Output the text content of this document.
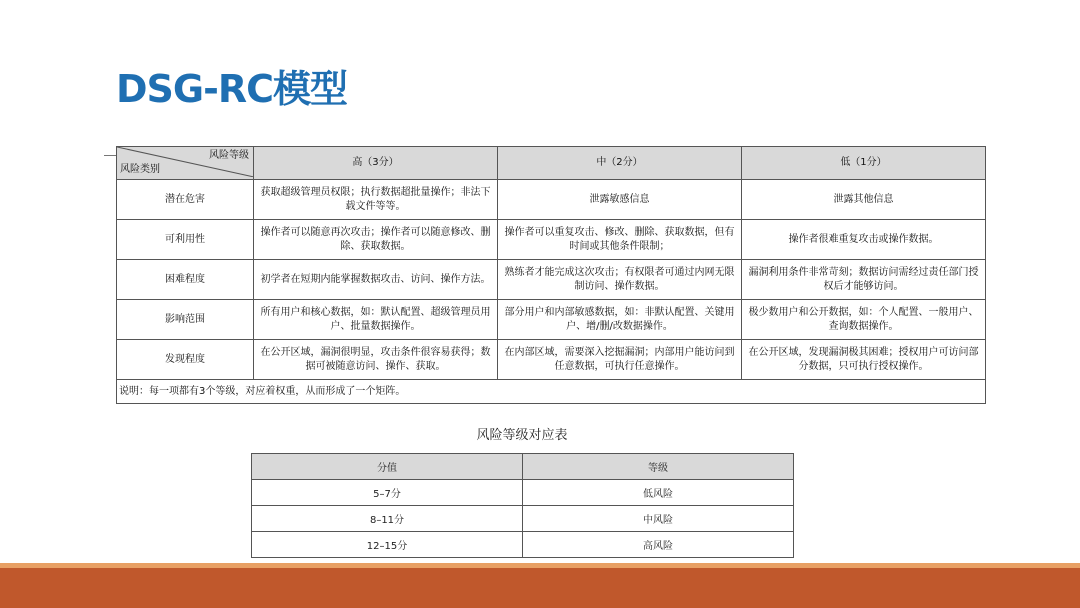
DSG-RC模型
风险等级
风险类别	高（3分）	中（2分）	低（1分）
潜在危害	获取超级管理员权限；执行数据超批量操作；非法下载文件等等。	泄露敏感信息	泄露其他信息
可利用性	操作者可以随意再次攻击；操作者可以随意修改、删除、获取数据。	操作者可以重复攻击、修改、删除、获取数据，但有时间或其他条件限制；	操作者很难重复攻击或操作数据。
困难程度	初学者在短期内能掌握数据攻击、访问、操作方法。	熟练者才能完成这次攻击；有权限者可通过内网无限制访问、操作数据。	漏洞利用条件非常苛刻；数据访问需经过责任部门授权后才能够访问。
影响范围	所有用户和核心数据，如：默认配置、超级管理员用户、批量数据操作。	部分用户和内部敏感数据，如：非默认配置、关键用户、增/删/改数据操作。	极少数用户和公开数据，如：个人配置、一般用户、查询数据操作。
发现程度	在公开区域，漏洞很明显，攻击条件很容易获得；数据可被随意访问、操作、获取。	在内部区域，需要深入挖掘漏洞；内部用户能访问到任意数据，可执行任意操作。	在公开区域，发现漏洞极其困难；授权用户可访问部分数据，只可执行授权操作。
说明：每一项都有3个等级，对应着权重，从而形成了一个矩阵。			
风险等级对应表
分值	等级
5–7分	低风险
8–11分	中风险
12–15分	高风险
